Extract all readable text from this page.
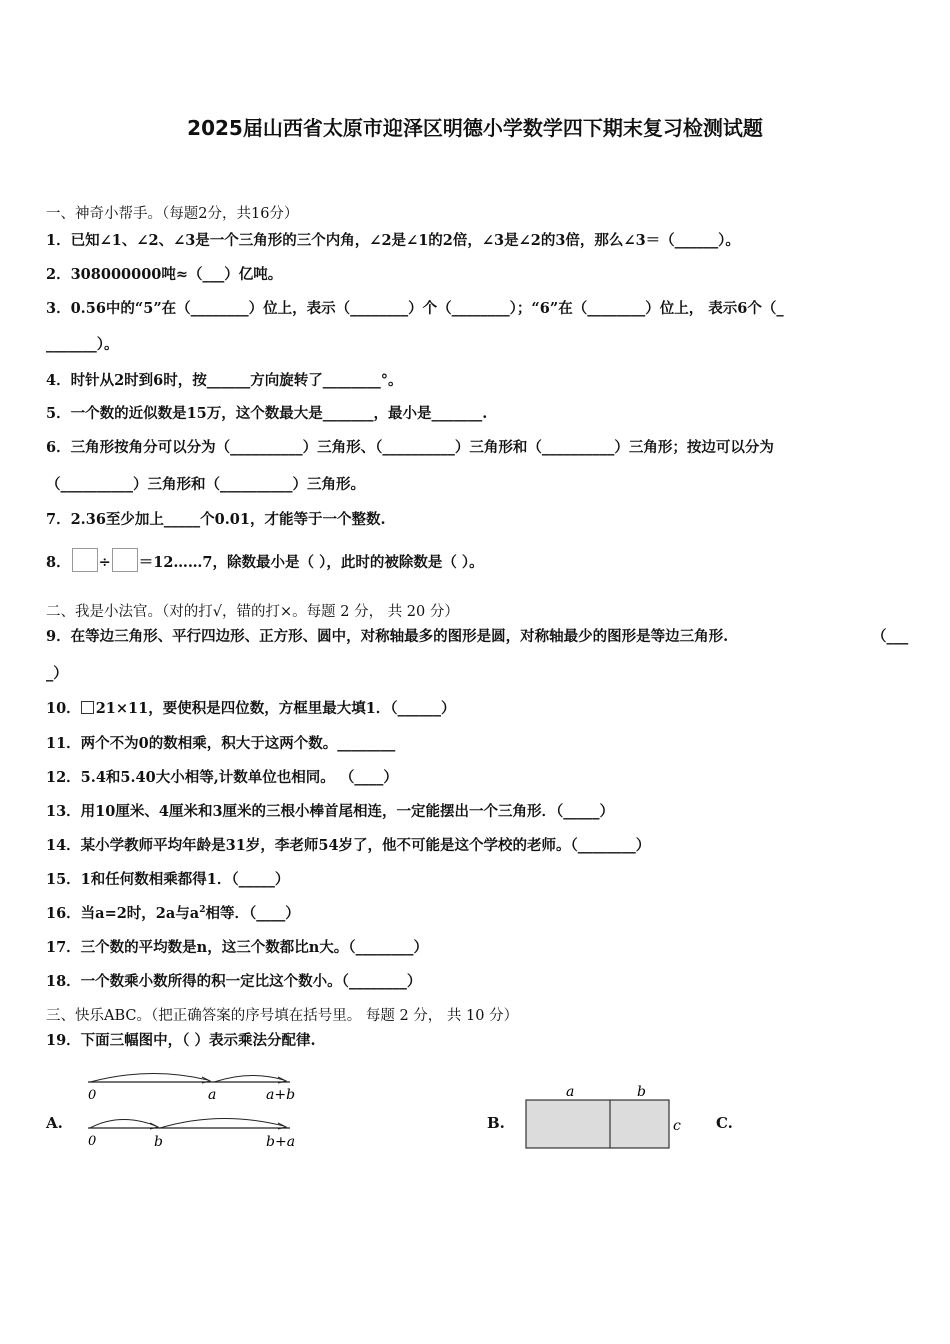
2025届山西省太原市迎泽区明德小学数学四下期末复习检测试题
一、神奇小帮手。（每题2分，共16分）
1．已知∠1、∠2、∠3是一个三角形的三个内角，∠2是∠1的2倍，∠3是∠2的3倍，那么∠3＝（______）。
2．308000000吨≈（___）亿吨。
3．0.56中的“5”在（________）位上，表示（________）个（________）；“6”在（________）位上， 表示6个（_
_______）。
4．时针从2时到6时，按______方向旋转了________°。
5．一个数的近似数是15万，这个数最大是_______，最小是_______.
6．三角形按角分可以分为（__________）三角形、（__________）三角形和（__________）三角形；按边可以分为
（__________）三角形和（__________）三角形。
7．2.36至少加上_____个0.01，才能等于一个整数.
8． ÷ ＝12……7，除数最小是（ ），此时的被除数是（ ）。
二、我是小法官。（对的打√，错的打×。每题 2 分， 共 20 分）
9．在等边三角形、平行四边形、正方形、圆中，对称轴最多的图形是圆，对称轴最少的图形是等边三角形.	（___
_）
10． 21×11，要使积是四位数，方框里最大填1．（______）
11．两个不为0的数相乘，积大于这两个数。________
12．5.4和5.40大小相等,计数单位也相同。 （____）
13．用10厘米、4厘米和3厘米的三根小棒首尾相连，一定能摆出一个三角形．（_____）
14．某小学教师平均年龄是31岁，李老师54岁了，他不可能是这个学校的老师。（________）
15．1和任何数相乘都得1．（_____）
16．当a=2时，2a与$a^2$相等．（____）
17．三个数的平均数是n，这三个数都比n大。（________）
18．一个数乘小数所得的积一定比这个数小。（________）
三、快乐ABC。（把正确答案的序号填在括号里。 每题 2 分， 共 10 分）
19．下面三幅图中，（ ）表示乘法分配律.
A.
0	a	a+b
0	b	b+a
B.
a	b
c C.
